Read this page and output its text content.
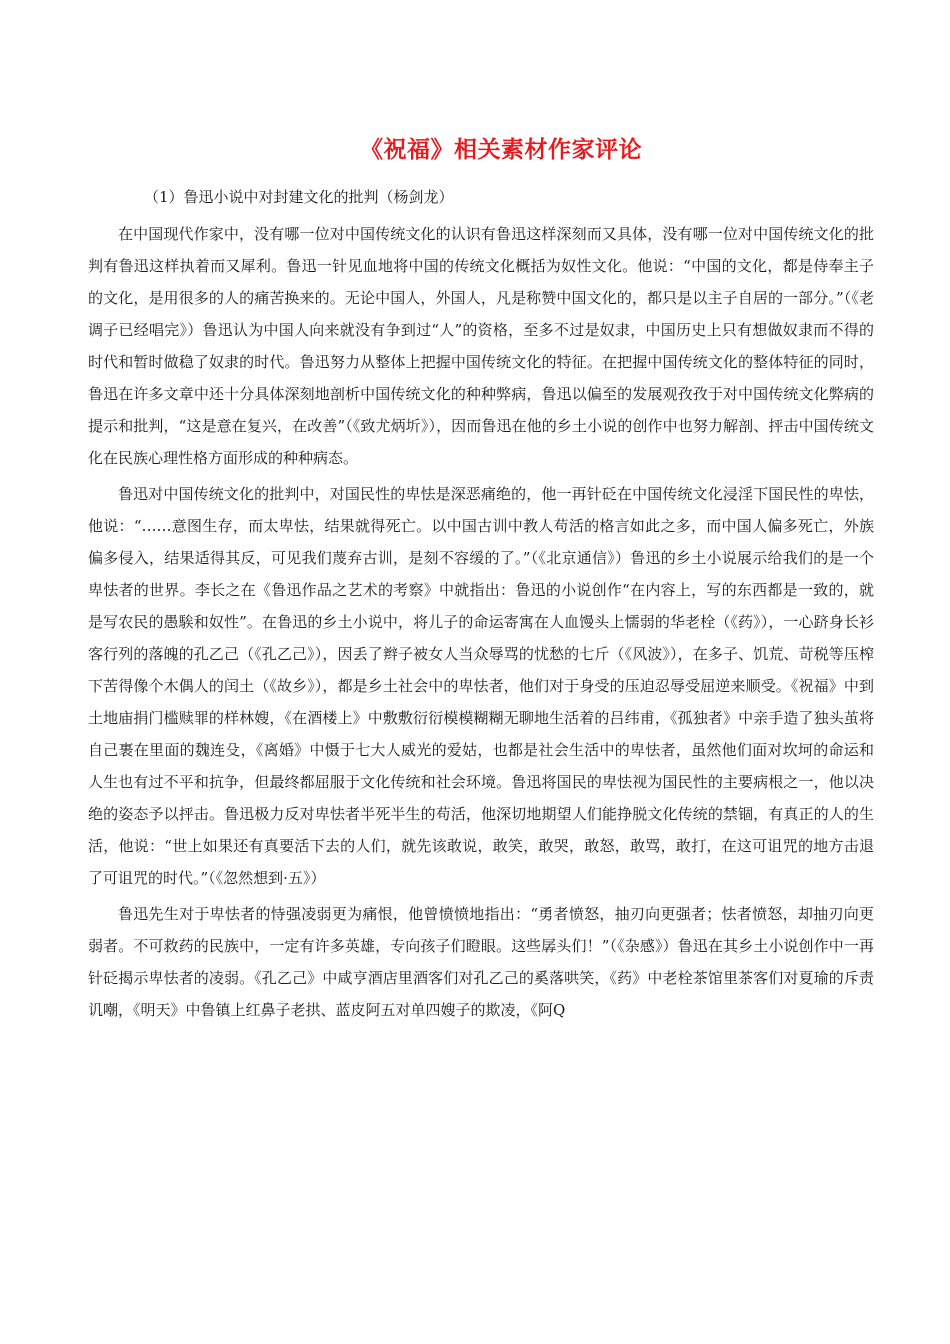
《祝福》相关素材作家评论
（1）鲁迅小说中对封建文化的批判（杨剑龙）

在中国现代作家中，没有哪一位对中国传统文化的认识有鲁迅这样深刻而又具体，没有哪一位对中国传统文化的批判有鲁迅这样执着而又犀利。鲁迅一针见血地将中国的传统文化概括为奴性文化。他说：“中国的文化，都是侍奉主子的文化，是用很多的人的痛苦换来的。无论中国人，外国人，凡是称赞中国文化的，都只是以主子自居的一部分。”（《老调子已经唱完》）鲁迅认为中国人向来就没有争到过“人”的资格，至多不过是奴隶，中国历史上只有想做奴隶而不得的时代和暂时做稳了奴隶的时代。鲁迅努力从整体上把握中国传统文化的特征。在把握中国传统文化的整体特征的同时，鲁迅在许多文章中还十分具体深刻地剖析中国传统文化的种种弊病，鲁迅以偏至的发展观孜孜于对中国传统文化弊病的提示和批判，“这是意在复兴，在改善”（《致尤炳圻》），因而鲁迅在他的乡土小说的创作中也努力解剖、抨击中国传统文化在民族心理性格方面形成的种种病态。

鲁迅对中国传统文化的批判中，对国民性的卑怯是深恶痛绝的，他一再针砭在中国传统文化浸淫下国民性的卑怯，他说：“……意图生存，而太卑怯，结果就得死亡。以中国古训中教人苟活的格言如此之多，而中国人偏多死亡，外族偏多侵入，结果适得其反，可见我们蔑弃古训，是刻不容缓的了。”（《北京通信》）鲁迅的乡土小说展示给我们的是一个卑怯者的世界。李长之在《鲁迅作品之艺术的考察》中就指出：鲁迅的小说创作“在内容上，写的东西都是一致的，就是写农民的愚騃和奴性”。在鲁迅的乡土小说中，将儿子的命运寄寓在人血馒头上懦弱的华老栓（《药》），一心跻身长衫客行列的落魄的孔乙己（《孔乙己》），因丢了辫子被女人当众辱骂的忧愁的七斤（《风波》），在多子、饥荒、苛税等压榨下苦得像个木偶人的闰土（《故乡》），都是乡土社会中的卑怯者，他们对于身受的压迫忍辱受屈逆来顺受。《祝福》中到土地庙捐门槛赎罪的样林嫂，《在酒楼上》中敷敷衍衍模模糊糊无聊地生活着的吕纬甫，《孤独者》中亲手造了独头茧将自己裹在里面的魏连殳，《离婚》中慑于七大人威光的爱姑，也都是社会生活中的卑怯者，虽然他们面对坎坷的命运和人生也有过不平和抗争，但最终都屈服于文化传统和社会环境。鲁迅将国民的卑怯视为国民性的主要病根之一，他以决绝的姿态予以抨击。鲁迅极力反对卑怯者半死半生的苟活，他深切地期望人们能挣脱文化传统的禁锢，有真正的人的生活，他说：“世上如果还有真要活下去的人们，就先该敢说，敢笑，敢哭，敢怒，敢骂，敢打，在这可诅咒的地方击退了可诅咒的时代。”（《忽然想到·五》）

鲁迅先生对于卑怯者的恃强凌弱更为痛恨，他曾愤愤地指出：“勇者愤怒，抽刃向更强者；怯者愤怒，却抽刃向更弱者。不可救药的民族中，一定有许多英雄，专向孩子们瞪眼。这些孱头们！”（《杂感》）鲁迅在其乡土小说创作中一再针砭揭示卑怯者的凌弱。《孔乙己》中咸亨酒店里酒客们对孔乙己的奚落哄笑，《药》中老栓茶馆里茶客们对夏瑜的斥责讥嘲，《明天》中鲁镇上红鼻子老拱、蓝皮阿五对单四嫂子的欺凌，《阿Q
